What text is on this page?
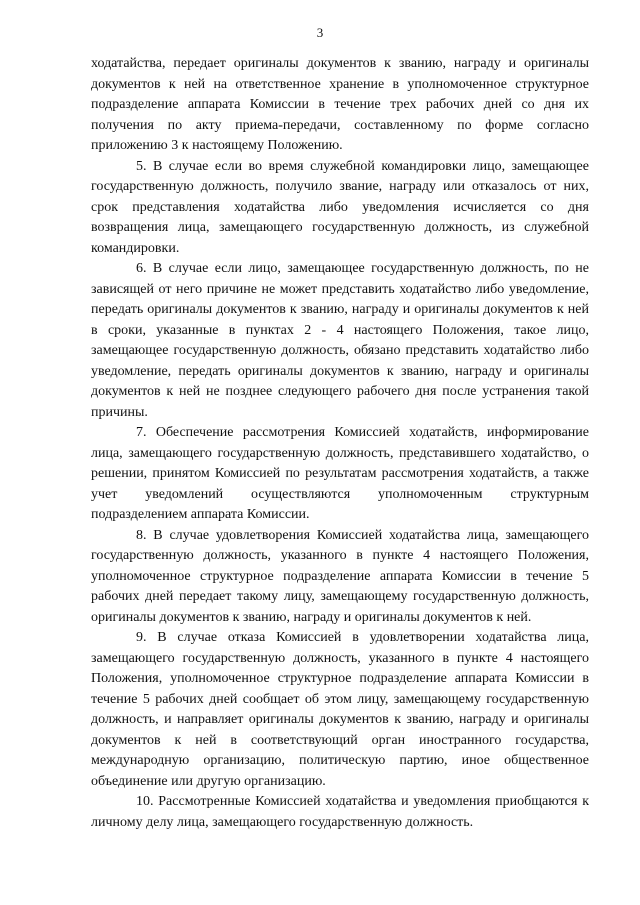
3

ходатайства, передает оригиналы документов к званию, награду и оригиналы документов к ней на ответственное хранение в уполномоченное структурное подразделение аппарата Комиссии в течение трех рабочих дней со дня их получения по акту приема-передачи, составленному по форме согласно приложению 3 к настоящему Положению.

5. В случае если во время служебной командировки лицо, замещающее государственную должность, получило звание, награду или отказалось от них, срок представления ходатайства либо уведомления исчисляется со дня возвращения лица, замещающего государственную должность, из служебной командировки.

6. В случае если лицо, замещающее государственную должность, по не зависящей от него причине не может представить ходатайство либо уведомление, передать оригиналы документов к званию, награду и оригиналы документов к ней в сроки, указанные в пунктах 2 - 4 настоящего Положения, такое лицо, замещающее государственную должность, обязано представить ходатайство либо уведомление, передать оригиналы документов к званию, награду и оригиналы документов к ней не позднее следующего рабочего дня после устранения такой причины.

7. Обеспечение рассмотрения Комиссией ходатайств, информирование лица, замещающего государственную должность, представившего ходатайство, о решении, принятом Комиссией по результатам рассмотрения ходатайств, а также учет уведомлений осуществляются уполномоченным структурным подразделением аппарата Комиссии.

8. В случае удовлетворения Комиссией ходатайства лица, замещающего государственную должность, указанного в пункте 4 настоящего Положения, уполномоченное структурное подразделение аппарата Комиссии в течение 5 рабочих дней передает такому лицу, замещающему государственную должность, оригиналы документов к званию, награду и оригиналы документов к ней.

9. В случае отказа Комиссией в удовлетворении ходатайства лица, замещающего государственную должность, указанного в пункте 4 настоящего Положения, уполномоченное структурное подразделение аппарата Комиссии в течение 5 рабочих дней сообщает об этом лицу, замещающему государственную должность, и направляет оригиналы документов к званию, награду и оригиналы документов к ней в соответствующий орган иностранного государства, международную организацию, политическую партию, иное общественное объединение или другую организацию.

10. Рассмотренные Комиссией ходатайства и уведомления приобщаются к личному делу лица, замещающего государственную должность.
